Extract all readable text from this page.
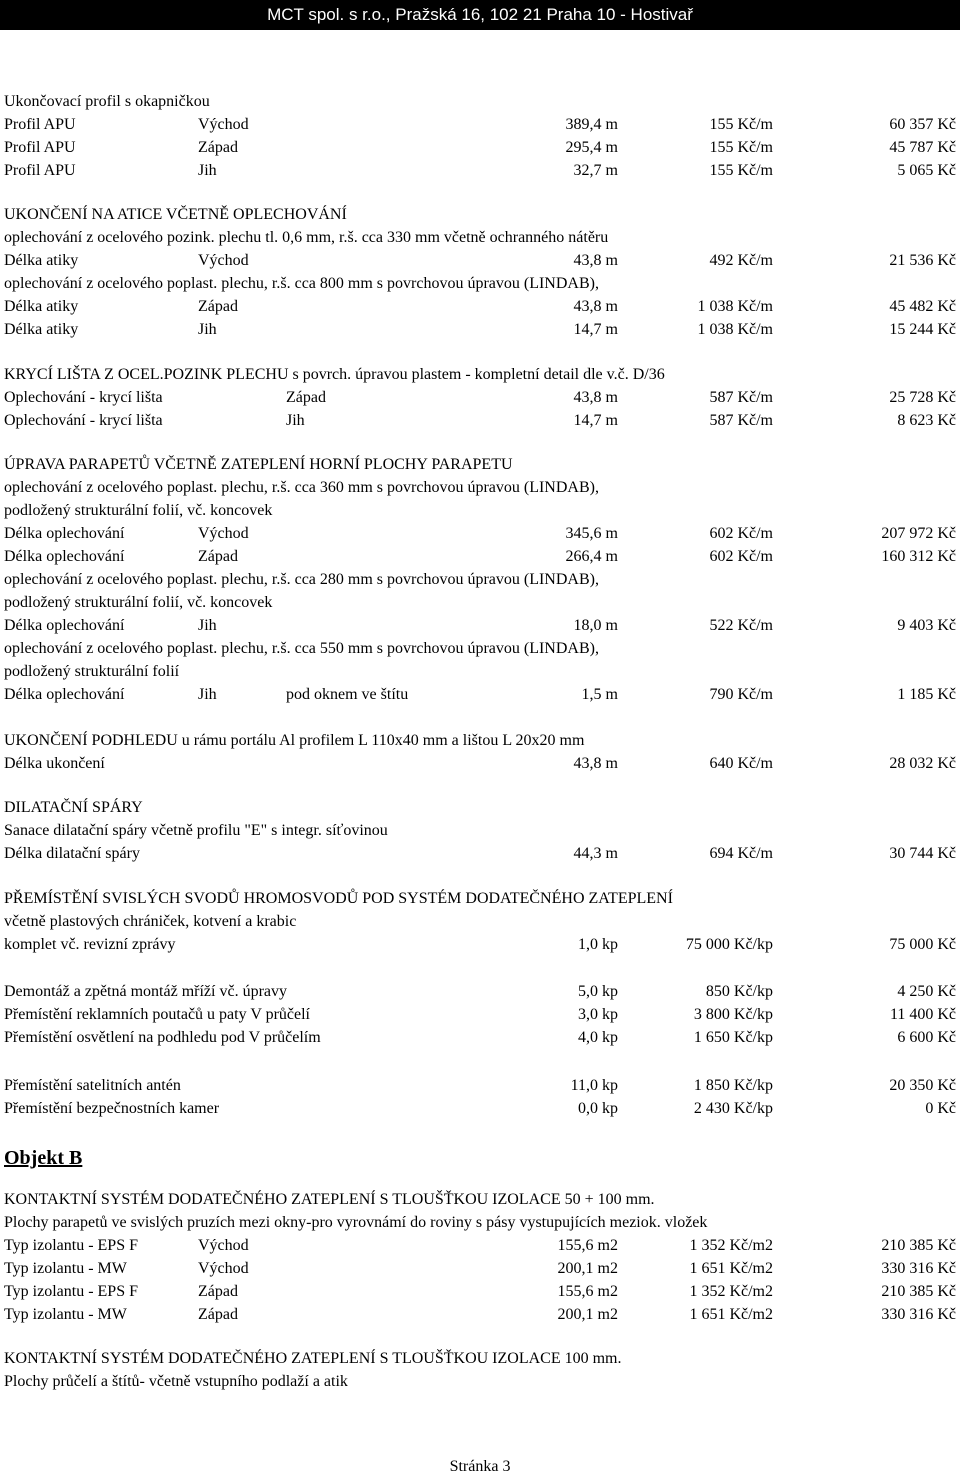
MCT spol. s r.o., Pražská 16, 102 21 Praha 10 - Hostivař
Ukončovací profil s okapničkou
Profil APU	Východ	389,4 m	155 Kč/m	60 357 Kč
Profil APU	Západ	295,4 m	155 Kč/m	45 787 Kč
Profil APU	Jih	32,7 m	155 Kč/m	5 065 Kč
UKONČENÍ NA ATICE VČETNĚ OPLECHOVÁNÍ
oplechování z ocelového pozink. plechu tl. 0,6 mm, r.š. cca 330 mm včetně ochranného nátěru
Délka atiky	Východ	43,8 m	492 Kč/m	21 536 Kč
oplechování z ocelového poplast. plechu, r.š. cca 800 mm s povrchovou úpravou (LINDAB),
Délka atiky	Západ	43,8 m	1 038 Kč/m	45 482 Kč
Délka atiky	Jih	14,7 m	1 038 Kč/m	15 244 Kč
KRYCÍ LIŠTA Z OCEL.POZINK PLECHU s povrch. úpravou plastem - kompletní detail dle v.č. D/36
Oplechování - krycí lišta	Západ	43,8 m	587 Kč/m	25 728 Kč
Oplechování - krycí lišta	Jih	14,7 m	587 Kč/m	8 623 Kč
ÚPRAVA PARAPETŮ VČETNĚ ZATEPLENÍ HORNÍ PLOCHY PARAPETU
oplechování z ocelového poplast. plechu, r.š. cca 360 mm s povrchovou úpravou (LINDAB),
podložený strukturální folií, vč. koncovek
Délka oplechování	Východ	345,6 m	602 Kč/m	207 972 Kč
Délka oplechování	Západ	266,4 m	602 Kč/m	160 312 Kč
oplechování z ocelového poplast. plechu, r.š. cca 280 mm s povrchovou úpravou (LINDAB),
podložený strukturální folií, vč. koncovek
Délka oplechování	Jih	18,0 m	522 Kč/m	9 403 Kč
oplechování z ocelového poplast. plechu, r.š. cca 550 mm s povrchovou úpravou (LINDAB),
podložený strukturální folií
Délka oplechování	Jih	pod oknem ve štítu	1,5 m	790 Kč/m	1 185 Kč
UKONČENÍ PODHLEDU u rámu portálu Al profilem L 110x40 mm a lištou L 20x20 mm
Délka ukončení	43,8 m	640 Kč/m	28 032 Kč
DILATAČNÍ SPÁRY
Sanace dilatační spáry včetně profilu "E" s integr. síťovinou
Délka dilatační spáry	44,3 m	694 Kč/m	30 744 Kč
PŘEMÍSTĚNÍ SVISLÝCH SVODŮ HROMOSVODŮ POD SYSTÉM DODATEČNÉHO ZATEPLENÍ
včetně plastových chrániček, kotvení a krabic
komplet vč. revizní zprávy	1,0 kp	75 000 Kč/kp	75 000 Kč
Demontáž a zpětná montáž mříží vč. úpravy	5,0 kp	850 Kč/kp	4 250 Kč
Přemístění reklamních poutačů u paty V průčelí	3,0 kp	3 800 Kč/kp	11 400 Kč
Přemístění osvětlení na podhledu pod V průčelím	4,0 kp	1 650 Kč/kp	6 600 Kč
Přemístění satelitních antén	11,0 kp	1 850 Kč/kp	20 350 Kč
Přemístění bezpečnostních kamer	0,0 kp	2 430 Kč/kp	0 Kč
Objekt B
KONTAKTNÍ SYSTÉM DODATEČNÉHO ZATEPLENÍ S TLOUŠŤKOU IZOLACE 50 + 100 mm.
Plochy parapetů ve svislých pruzích mezi okny-pro vyrovnámí do roviny s pásy vystupujících meziok. vložek
Typ izolantu - EPS F	Východ	155,6 m2	1 352 Kč/m2	210 385 Kč
Typ izolantu - MW	Východ	200,1 m2	1 651 Kč/m2	330 316 Kč
Typ izolantu - EPS F	Západ	155,6 m2	1 352 Kč/m2	210 385 Kč
Typ izolantu - MW	Západ	200,1 m2	1 651 Kč/m2	330 316 Kč
KONTAKTNÍ SYSTÉM DODATEČNÉHO ZATEPLENÍ S TLOUŠŤKOU IZOLACE 100 mm.
Plochy průčelí a štítů- včetně vstupního podlaží a atik
Stránka 3
